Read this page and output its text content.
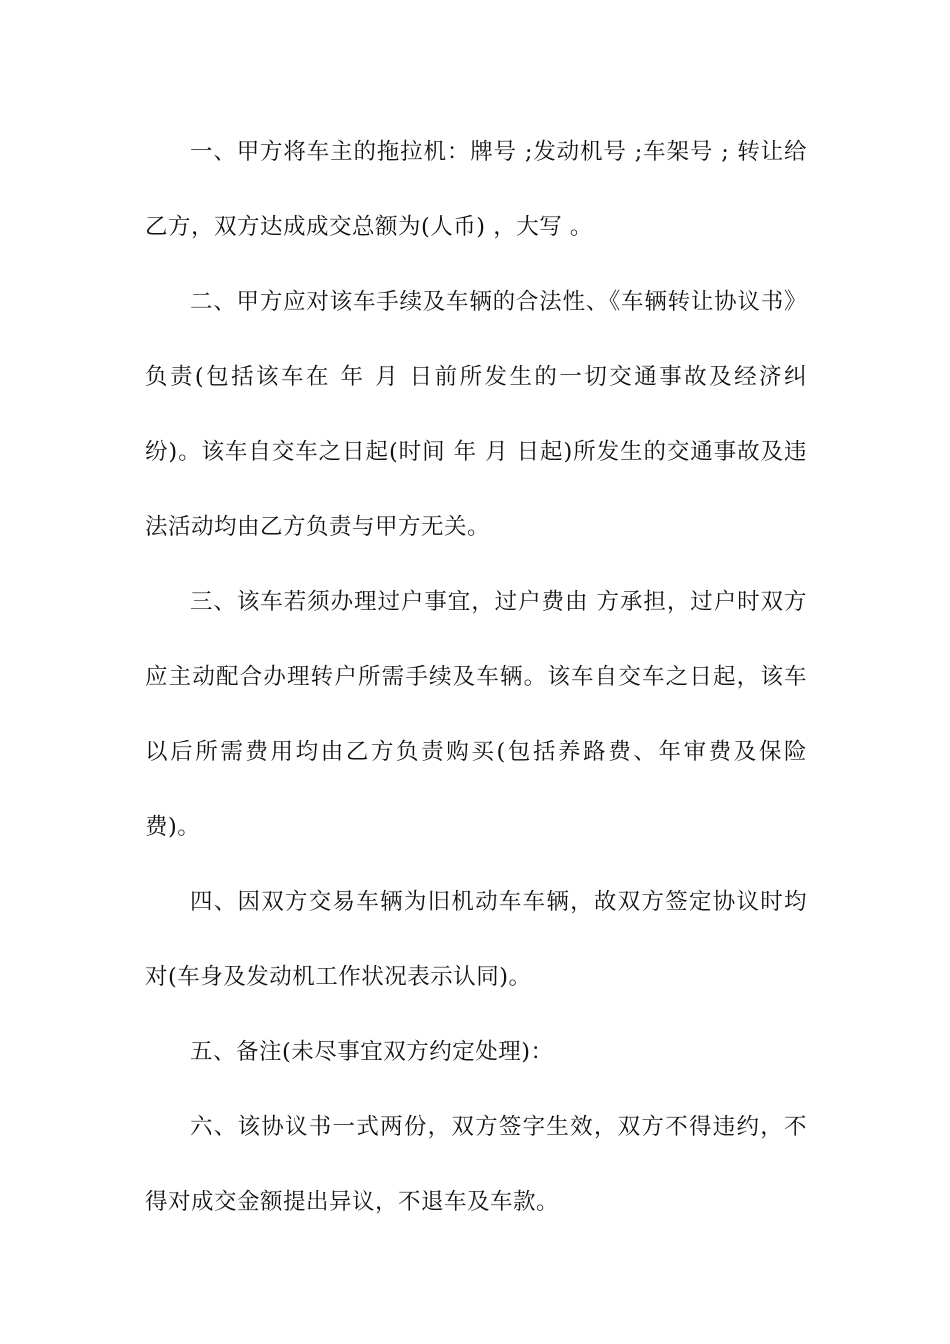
一、甲方将车主的拖拉机：牌号 ;发动机号 ;车架号 ; 转让给乙方，双方达成成交总额为(人币) ，大写 。

二、甲方应对该车手续及车辆的合法性、《车辆转让协议书》负责(包括该车在 年 月 日前所发生的一切交通事故及经济纠纷)。该车自交车之日起(时间 年 月 日起)所发生的交通事故及违法活动均由乙方负责与甲方无关。

三、该车若须办理过户事宜，过户费由 方承担，过户时双方应主动配合办理转户所需手续及车辆。该车自交车之日起，该车以后所需费用均由乙方负责购买(包括养路费、年审费及保险费)。

四、因双方交易车辆为旧机动车车辆，故双方签定协议时均对(车身及发动机工作状况表示认同)。

五、备注(未尽事宜双方约定处理)：

六、该协议书一式两份，双方签字生效，双方不得违约，不得对成交金额提出异议，不退车及车款。
